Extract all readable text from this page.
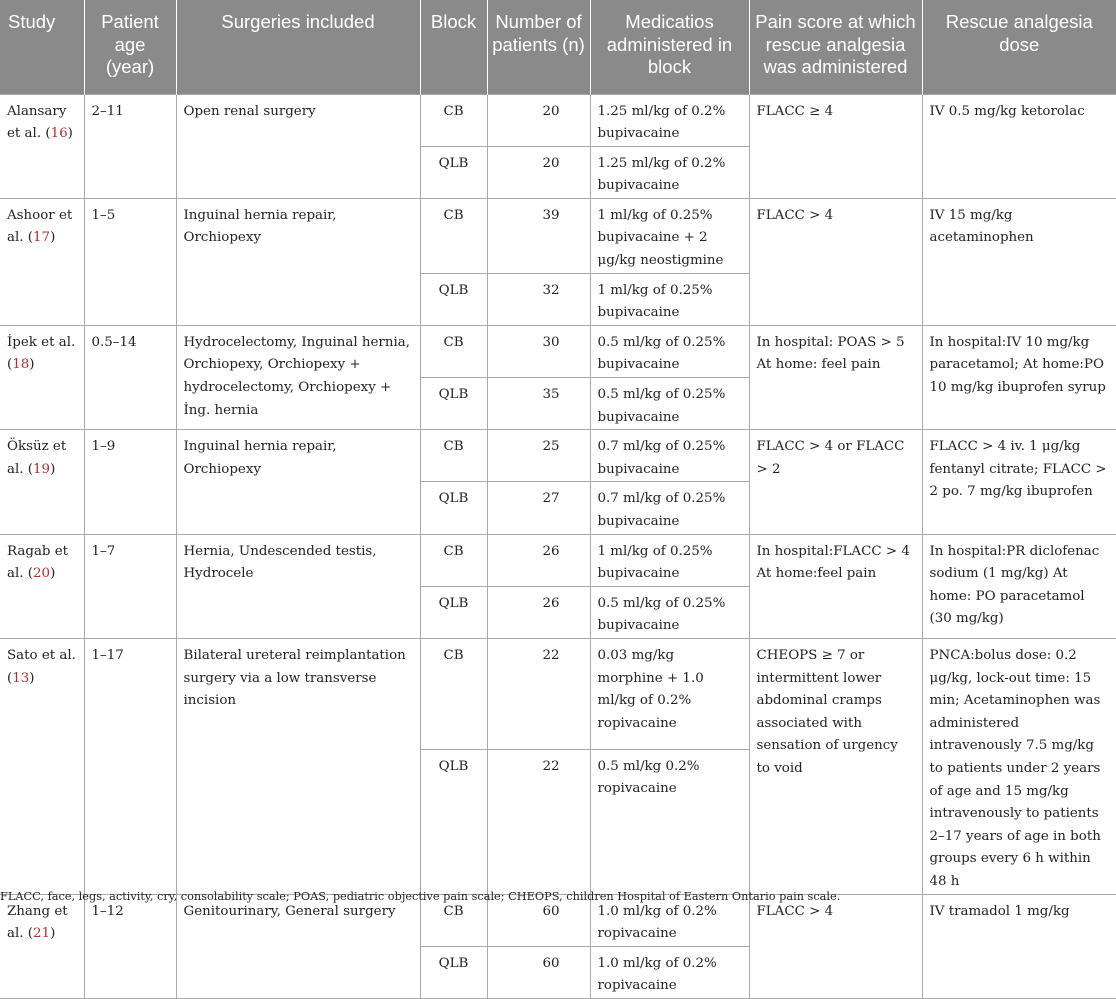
Study	Patient age (year)	Surgeries included	Block	Number of patients (n)	Medicatios administered in block	Pain score at which rescue analgesia was administered	Rescue analgesia dose
Alansary et al. (16)	2–11	Open renal surgery	CB	20	1.25 ml/kg of 0.2% bupivacaine	FLACC ≥ 4	IV 0.5 mg/kg ketorolac
			QLB	20	1.25 ml/kg of 0.2% bupivacaine		
Ashoor et al. (17)	1–5	Inguinal hernia repair, Orchiopexy	CB	39	1 ml/kg of 0.25% bupivacaine + 2 μg/kg neostigmine	FLACC > 4	IV 15 mg/kg acetaminophen
			QLB	32	1 ml/kg of 0.25% bupivacaine		
İpek et al. (18)	0.5–14	Hydrocelectomy, Inguinal hernia, Orchiopexy, Orchiopexy + hydrocelectomy, Orchiopexy + İng. hernia	CB	30	0.5 ml/kg of 0.25% bupivacaine	In hospital: POAS > 5 At home: feel pain	In hospital:IV 10 mg/kg paracetamol; At home:PO 10 mg/kg ibuprofen syrup
			QLB	35	0.5 ml/kg of 0.25% bupivacaine		
Öksüz et al. (19)	1–9	Inguinal hernia repair, Orchiopexy	CB	25	0.7 ml/kg of 0.25% bupivacaine	FLACC > 4 or FLACC > 2	FLACC > 4 iv. 1 μg/kg fentanyl citrate; FLACC > 2 po. 7 mg/kg ibuprofen
			QLB	27	0.7 ml/kg of 0.25% bupivacaine		
Ragab et al. (20)	1–7	Hernia, Undescended testis, Hydrocele	CB	26	1 ml/kg of 0.25% bupivacaine	In hospital:FLACC > 4 At home:feel pain	In hospital:PR diclofenac sodium (1 mg/kg) At home: PO paracetamol (30 mg/kg)
			QLB	26	0.5 ml/kg of 0.25% bupivacaine		
Sato et al. (13)	1–17	Bilateral ureteral reimplantation surgery via a low transverse incision	CB	22	0.03 mg/kg morphine + 1.0 ml/kg of 0.2% ropivacaine	CHEOPS ≥ 7 or intermittent lower abdominal cramps associated with sensation of urgency to void	PNCA:bolus dose: 0.2 μg/kg, lock-out time: 15 min; Acetaminophen was administered intravenously 7.5 mg/kg to patients under 2 years of age and 15 mg/kg intravenously to patients 2–17 years of age in both groups every 6 h within 48 h
			QLB	22	0.5 ml/kg 0.2% ropivacaine		
Zhang et al. (21)	1–12	Genitourinary, General surgery	CB	60	1.0 ml/kg of 0.2% ropivacaine	FLACC > 4	IV tramadol 1 mg/kg
			QLB	60	1.0 ml/kg of 0.2% ropivacaine		
FLACC, face, legs, activity, cry, consolability scale; POAS, pediatric objective pain scale; CHEOPS, children Hospital of Eastern Ontario pain scale.
